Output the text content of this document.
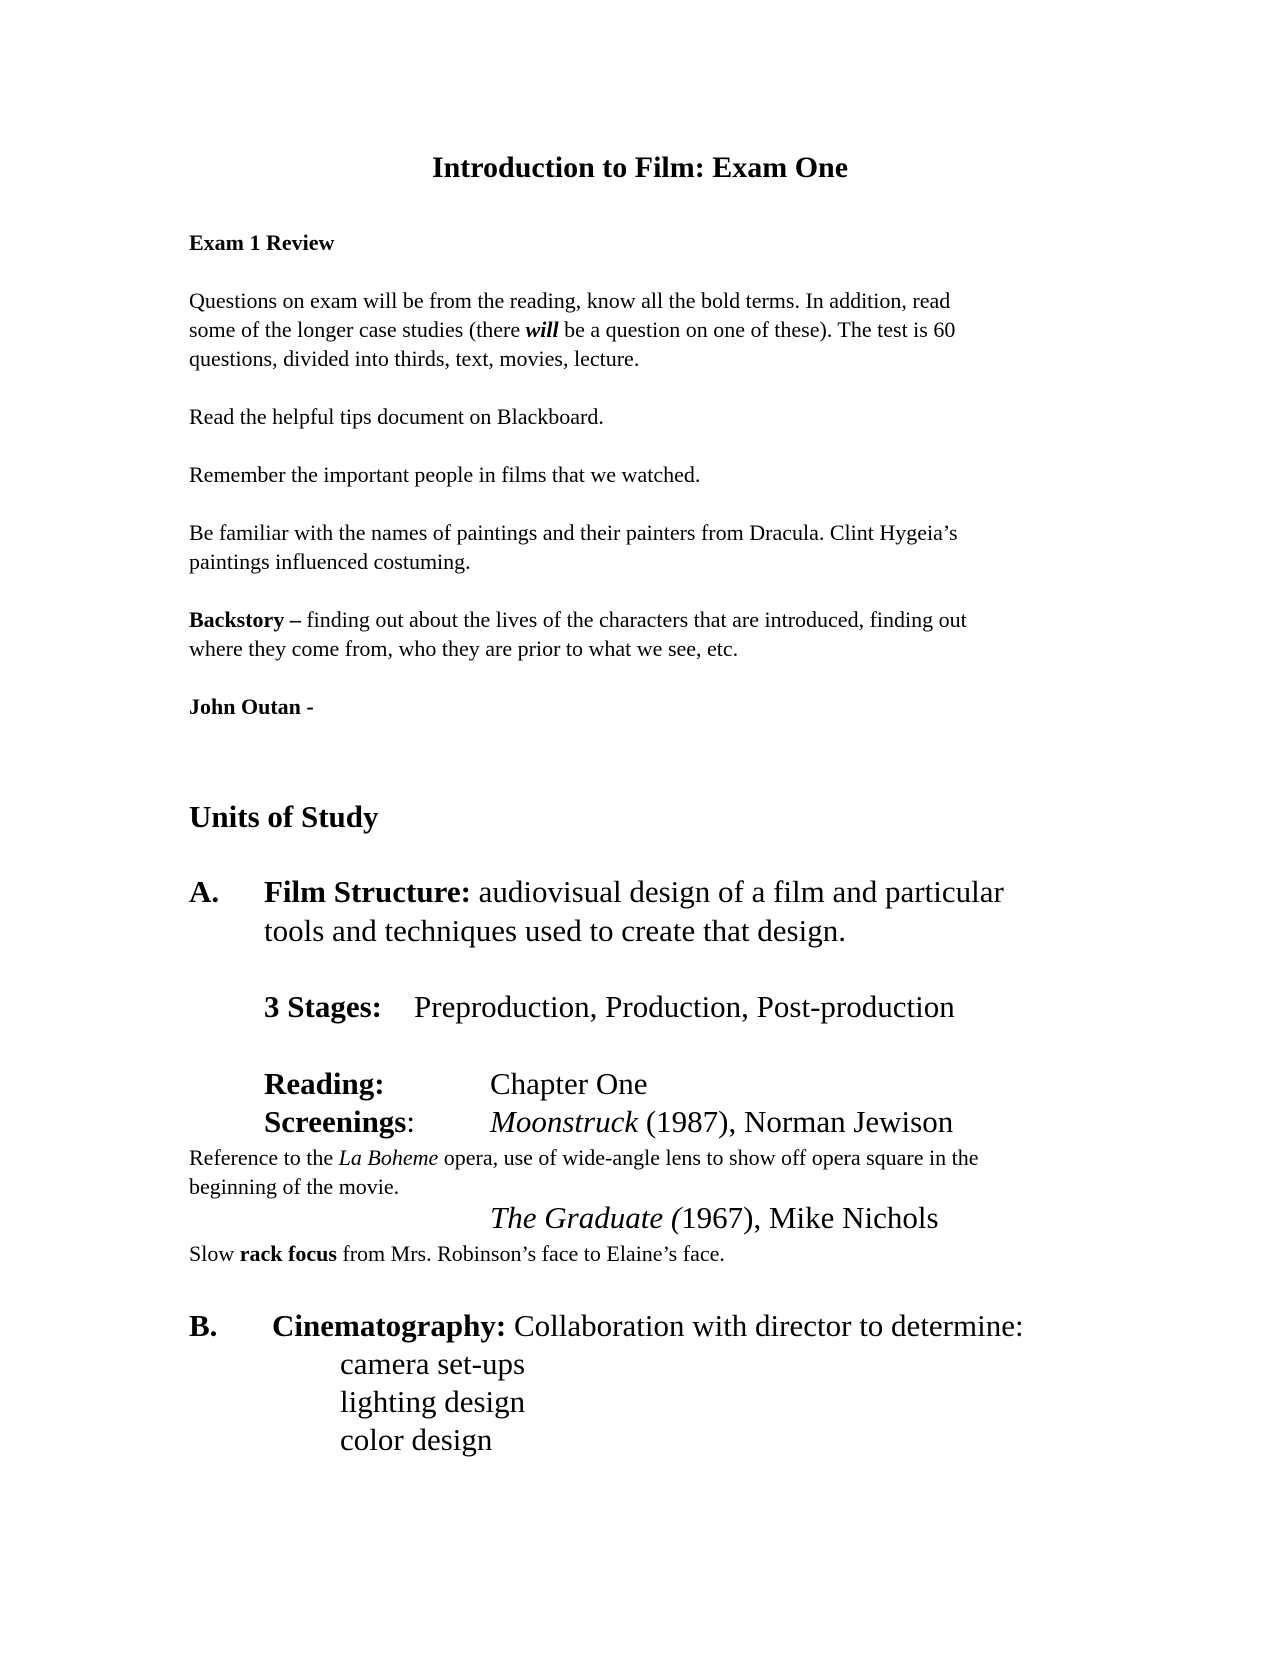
Introduction to Film: Exam One
Exam 1 Review
Questions on exam will be from the reading, know all the bold terms. In addition, read
some of the longer case studies (there will be a question on one of these). The test is 60
questions, divided into thirds, text, movies, lecture.
Read the helpful tips document on Blackboard.
Remember the important people in films that we watched.
Be familiar with the names of paintings and their painters from Dracula. Clint Hygeia’s
paintings influenced costuming.
Backstory – finding out about the lives of the characters that are introduced, finding out
where they come from, who they are prior to what we see, etc.
John Outan -
Units of Study
A. Film Structure: audiovisual design of a film and particular
tools and techniques used to create that design.
3 Stages: Preproduction, Production, Post-production
Reading:	Chapter One
Screenings: Moonstruck (1987), Norman Jewison
Reference to the La Boheme opera, use of wide-angle lens to show off opera square in the
beginning of the movie.
The Graduate (1967), Mike Nichols
Slow rack focus from Mrs. Robinson’s face to Elaine’s face.
B. Cinematography: Collaboration with director to determine:
camera set-ups
lighting design
color design
